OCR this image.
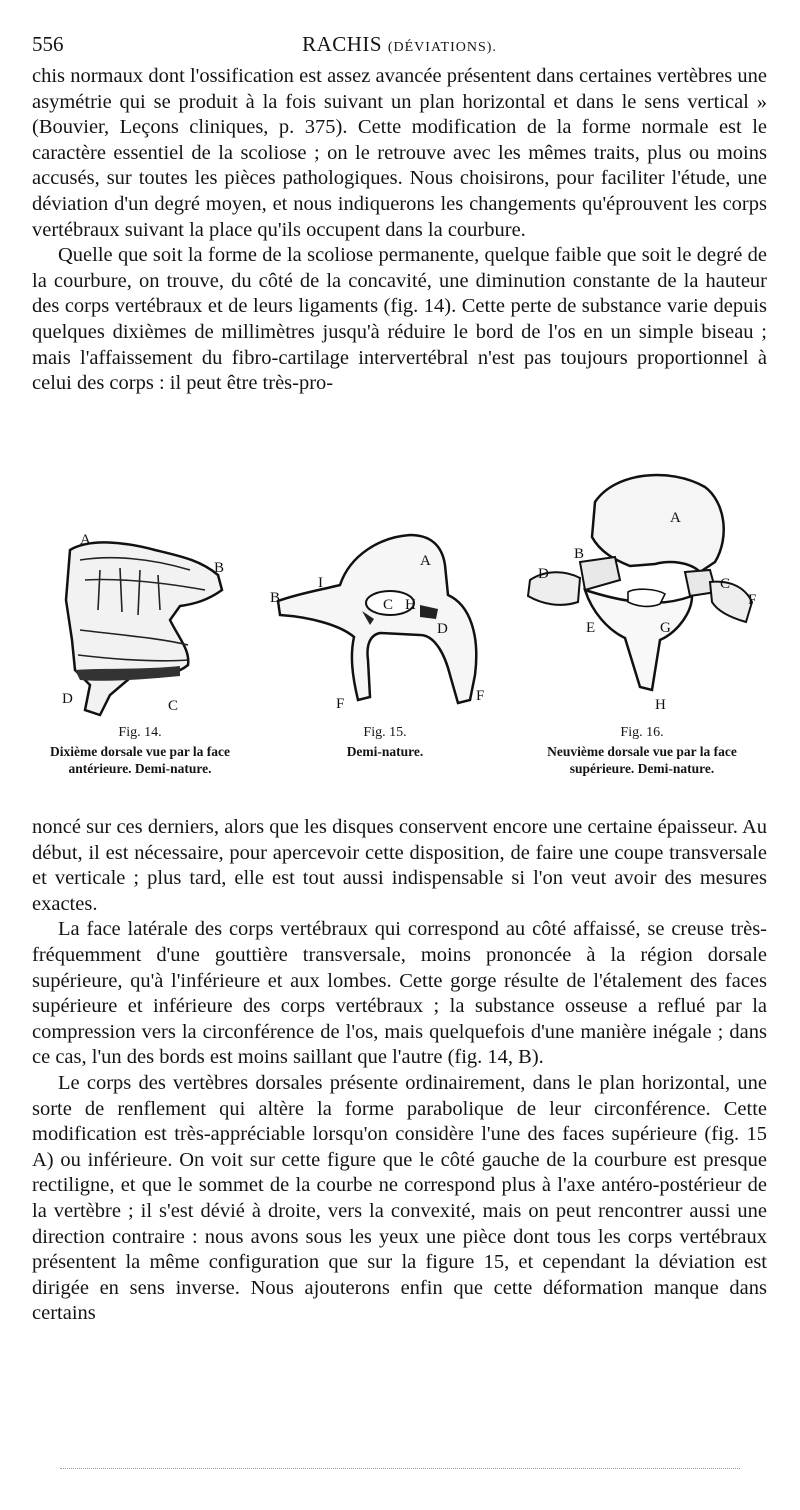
556	RACHIS (DÉVIATIONS).

chis normaux dont l'ossification est assez avancée présentent dans certaines vertèbres une asymétrie qui se produit à la fois suivant un plan horizontal et dans le sens vertical » (Bouvier, Leçons cliniques, p. 375). Cette modification de la forme normale est le caractère essentiel de la scoliose ; on le retrouve avec les mêmes traits, plus ou moins accusés, sur toutes les pièces pathologiques. Nous choisirons, pour faciliter l'étude, une déviation d'un degré moyen, et nous indiquerons les changements qu'éprouvent les corps vertébraux suivant la place qu'ils occupent dans la courbure.

Quelle que soit la forme de la scoliose permanente, quelque faible que soit le degré de la courbure, on trouve, du côté de la concavité, une diminution constante de la hauteur des corps vertébraux et de leurs ligaments (fig. 14). Cette perte de substance varie depuis quelques dixièmes de millimètres jusqu'à réduire le bord de l'os en un simple biseau ; mais l'affaissement du fibro-cartilage intervertébral n'est pas toujours proportionnel à celui des corps : il peut être très-pro-

A
B
C
D
Fig. 14.
Dixième dorsale vue par la face
antérieure. Demi-nature.
A
B	C
D
F	F
H
I
Fig. 15.
Demi-nature.
A
B
C
D
E
F
G
H
Fig. 16.
Neuvième dorsale vue par la face
supérieure. Demi-nature.

noncé sur ces derniers, alors que les disques conservent encore une certaine épaisseur. Au début, il est nécessaire, pour apercevoir cette disposition, de faire une coupe transversale et verticale ; plus tard, elle est tout aussi indispensable si l'on veut avoir des mesures exactes.

La face latérale des corps vertébraux qui correspond au côté affaissé, se creuse très-fréquemment d'une gouttière transversale, moins prononcée à la région dorsale supérieure, qu'à l'inférieure et aux lombes. Cette gorge résulte de l'étalement des faces supérieure et inférieure des corps vertébraux ; la substance osseuse a reflué par la compression vers la circonférence de l'os, mais quelquefois d'une manière inégale ; dans ce cas, l'un des bords est moins saillant que l'autre (fig. 14, B).

Le corps des vertèbres dorsales présente ordinairement, dans le plan horizontal, une sorte de renflement qui altère la forme parabolique de leur circonférence. Cette modification est très-appréciable lorsqu'on considère l'une des faces supérieure (fig. 15 A) ou inférieure. On voit sur cette figure que le côté gauche de la courbure est presque rectiligne, et que le sommet de la courbe ne correspond plus à l'axe antéro-postérieur de la vertèbre ; il s'est dévié à droite, vers la convexité, mais on peut rencontrer aussi une direction contraire : nous avons sous les yeux une pièce dont tous les corps vertébraux présentent la même configuration que sur la figure 15, et cependant la déviation est dirigée en sens inverse. Nous ajouterons enfin que cette déformation manque dans certains
